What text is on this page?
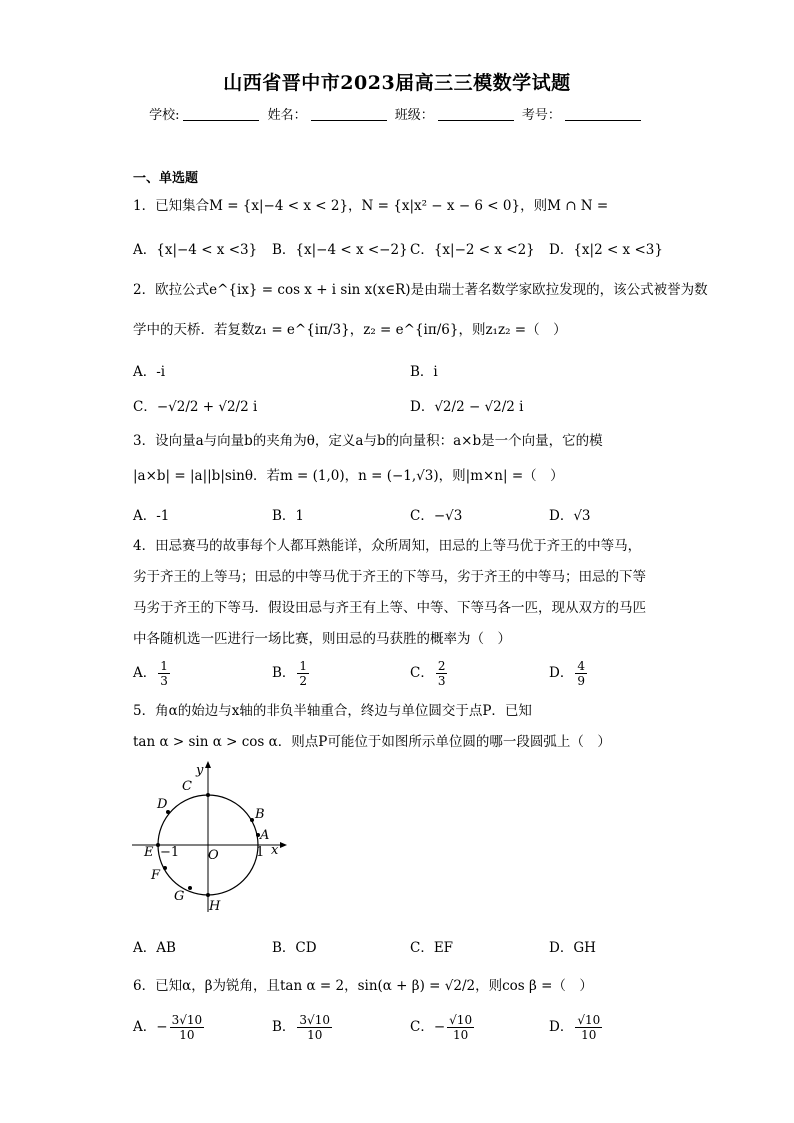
山西省晋中市2023届高三三模数学试题
学校:	姓名：	班级：	考号：
一、单选题
1．已知集合M = {x|−4 < x < 2}，N = {x|x² − x − 6 < 0}，则M ∩ N =
A．{x|−4 < x <3} B．{x|−4 < x <−2} C．{x|−2 < x <2} D．{x|2 < x <3}
2．欧拉公式e^{ix} = cos x + i sin x(x∈R)是由瑞士著名数学家欧拉发现的，该公式被誉为数
学中的天桥．若复数z₁ = e^{iπ/3}，z₂ = e^{iπ/6}，则z₁z₂ =（　）
A．-i	B．i
C．−√2/2 + √2/2 i	D．√2/2 − √2/2 i
3．设向量a与向量b的夹角为θ，定义a与b的向量积：a×b是一个向量，它的模
|a×b| = |a||b|sinθ．若m = (1,0)，n = (−1,√3)，则|m×n| =（　）
A．-1	B．1	C．−√3	D．√3
4．田忌赛马的故事每个人都耳熟能详，众所周知，田忌的上等马优于齐王的中等马，
劣于齐王的上等马；田忌的中等马优于齐王的下等马，劣于齐王的中等马；田忌的下等
马劣于齐王的下等马．假设田忌与齐王有上等、中等、下等马各一匹，现从双方的马匹
中各随机选一匹进行一场比赛，则田忌的马获胜的概率为（　）
A． $\frac{1}{3}$	B． $\frac{1}{2}$	C． $\frac{2}{3}$	D． $\frac{4}{9}$
5．角α的始边与x轴的非负半轴重合，终边与单位圆交于点P．已知
tan α > sin α > cos α．则点P可能位于如图所示单位圆的哪一段圆弧上（　）
y
x
O	1
−1
A
B
C
D
E
F
G
H
A．AB	B．CD	C．EF	D．GH
6．已知α，β为锐角，且tan α = 2，sin(α + β) = √2/2，则cos β =（　）
A．− $\frac{3√10}{10}$	B． $\frac{3√10}{10}$	C．− $\frac{√10}{10}$	D． $\frac{√10}{10}$
